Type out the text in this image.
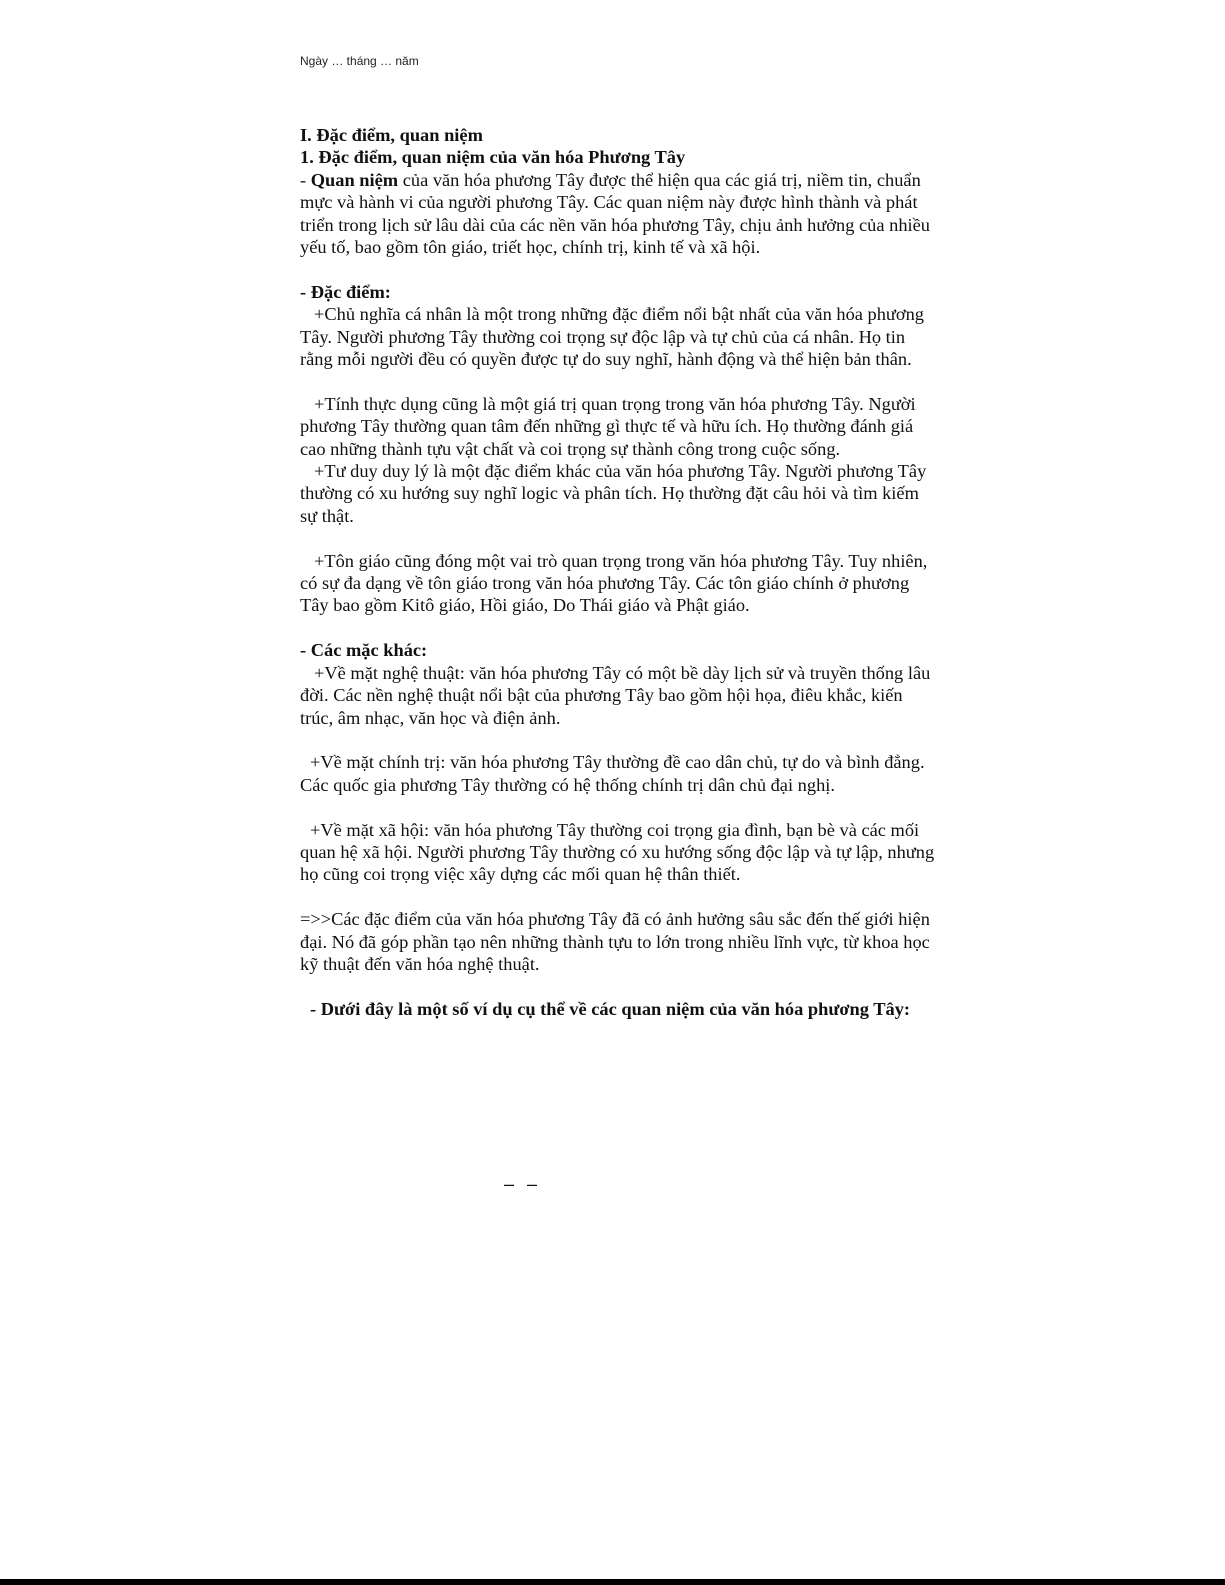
Ngày … tháng … năm

I. Đặc điểm, quan niệm

1. Đặc điểm, quan niệm của văn hóa Phương Tây

- Quan niệm của văn hóa phương Tây được thể hiện qua các giá trị, niềm tin, chuẩn mực và hành vi của người phương Tây. Các quan niệm này được hình thành và phát triển trong lịch sử lâu dài của các nền văn hóa phương Tây, chịu ảnh hưởng của nhiều yếu tố, bao gồm tôn giáo, triết học, chính trị, kinh tế và xã hội.

- Đặc điểm:

+Chủ nghĩa cá nhân là một trong những đặc điểm nổi bật nhất của văn hóa phương Tây. Người phương Tây thường coi trọng sự độc lập và tự chủ của cá nhân. Họ tin rằng mỗi người đều có quyền được tự do suy nghĩ, hành động và thể hiện bản thân.

+Tính thực dụng cũng là một giá trị quan trọng trong văn hóa phương Tây. Người phương Tây thường quan tâm đến những gì thực tế và hữu ích. Họ thường đánh giá cao những thành tựu vật chất và coi trọng sự thành công trong cuộc sống.

+Tư duy duy lý là một đặc điểm khác của văn hóa phương Tây. Người phương Tây thường có xu hướng suy nghĩ logic và phân tích. Họ thường đặt câu hỏi và tìm kiếm sự thật.

+Tôn giáo cũng đóng một vai trò quan trọng trong văn hóa phương Tây. Tuy nhiên, có sự đa dạng về tôn giáo trong văn hóa phương Tây. Các tôn giáo chính ở phương Tây bao gồm Kitô giáo, Hồi giáo, Do Thái giáo và Phật giáo.

- Các mặc khác:

+Về mặt nghệ thuật: văn hóa phương Tây có một bề dày lịch sử và truyền thống lâu đời. Các nền nghệ thuật nổi bật của phương Tây bao gồm hội họa, điêu khắc, kiến trúc, âm nhạc, văn học và điện ảnh.

+Về mặt chính trị: văn hóa phương Tây thường đề cao dân chủ, tự do và bình đẳng. Các quốc gia phương Tây thường có hệ thống chính trị dân chủ đại nghị.

+Về mặt xã hội: văn hóa phương Tây thường coi trọng gia đình, bạn bè và các mối quan hệ xã hội. Người phương Tây thường có xu hướng sống độc lập và tự lập, nhưng họ cũng coi trọng việc xây dựng các mối quan hệ thân thiết.

=>>Các đặc điểm của văn hóa phương Tây đã có ảnh hưởng sâu sắc đến thế giới hiện đại. Nó đã góp phần tạo nên những thành tựu to lớn trong nhiều lĩnh vực, từ khoa học kỹ thuật đến văn hóa nghệ thuật.

- Dưới đây là một số ví dụ cụ thể về các quan niệm của văn hóa phương Tây:

– –
